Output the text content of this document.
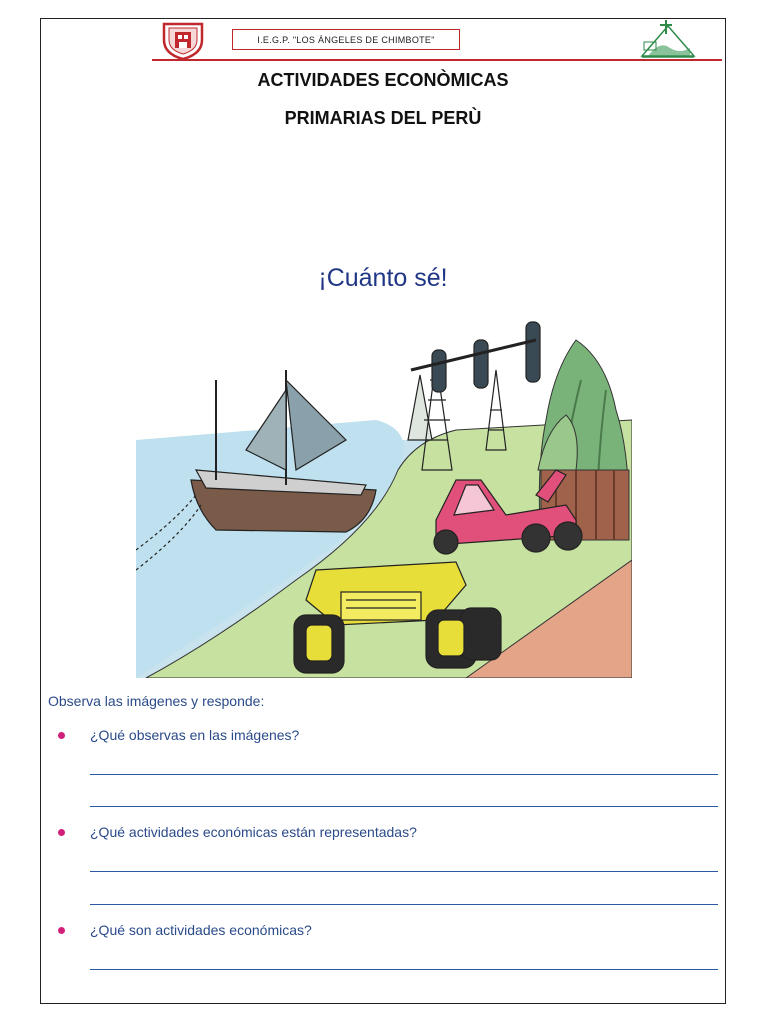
I.E.G.P. "LOS ÁNGELES DE CHIMBOTE"
ACTIVIDADES ECONÒMICAS
PRIMARIAS DEL PERÙ
¡Cuánto sé!
Observa las imágenes y responde:
¿Qué observas en las imágenes?
¿Qué actividades económicas están representadas?
¿Qué son actividades económicas?
